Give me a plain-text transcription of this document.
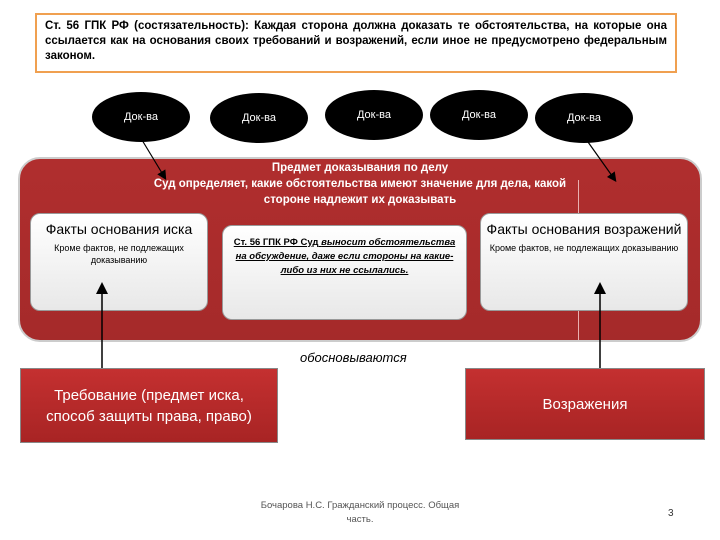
Ст. 56 ГПК РФ (состязательность): Каждая сторона должна доказать те обстоятельства, на которые она ссылается как на основания своих требований и возражений, если иное не предусмотрено федеральным законом.
Док-ва	Док-ва	Док-ва	Док-ва	Док-ва
Предмет доказывания по делу
Суд определяет, какие обстоятельства имеют значение для дела, какой
стороне надлежит их доказывать
Факты основания иска
Кроме фактов, не подлежащих доказыванию
Ст. 56 ГПК РФ Суд выносит обстоятельства на обсуждение, даже если стороны на какие-либо из них не ссылались.
Факты основания возражений
Кроме фактов, не подлежащих доказыванию
обосновываются
Требование (предмет иска, способ защиты права, право)
Возражения
Бочарова Н.С. Гражданский процесс. Общая часть.
3
